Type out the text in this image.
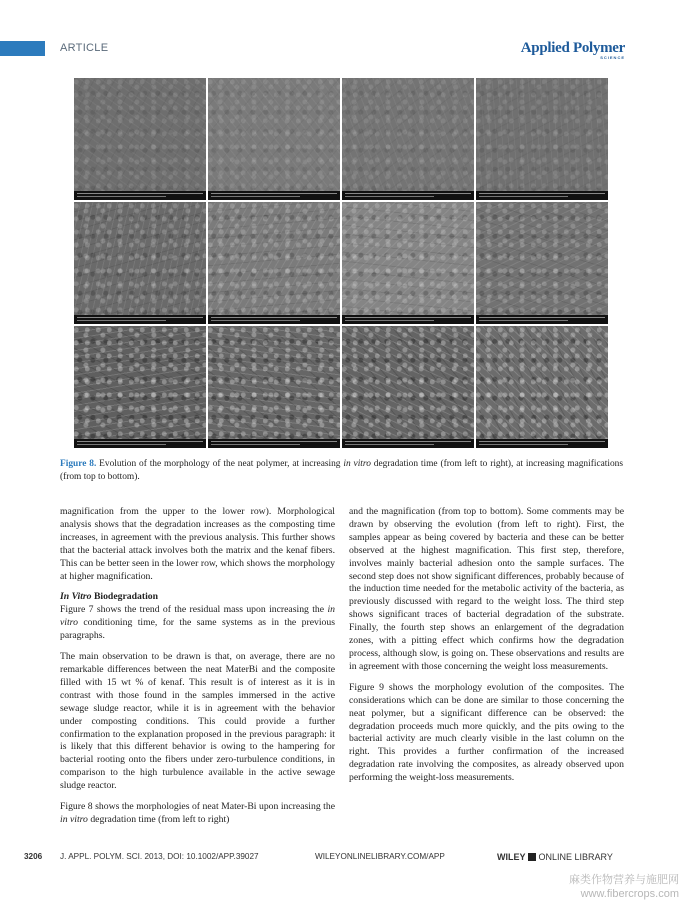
ARTICLE	Applied Polymer
SCIENCE
Figure 8. Evolution of the morphology of the neat polymer, at increasing in vitro degradation time (from left to right), at increasing magnifications (from top to bottom).

magnification from the upper to the lower row). Morphological analysis shows that the degradation increases as the composting time increases, in agreement with the previous analysis. This further shows that the bacterial attack involves both the matrix and the kenaf fibers. This can be better seen in the lower row, which shows the morphology at higher magnification.

In Vitro Biodegradation

Figure 7 shows the trend of the residual mass upon increasing the in vitro conditioning time, for the same systems as in the previous paragraphs.

The main observation to be drawn is that, on average, there are no remarkable differences between the neat MaterBi and the composite filled with 15 wt % of kenaf. This result is of interest as it is in contrast with those found in the samples immersed in the active sewage sludge reactor, while it is in agreement with the behavior under composting conditions. This could provide a further confirmation to the explanation proposed in the previous paragraph: it is likely that this different behavior is owing to the hampering for bacterial rooting onto the fibers under zero-turbulence conditions, in comparison to the high turbulence available in the active sewage sludge reactor.

Figure 8 shows the morphologies of neat Mater-Bi upon increasing the in vitro degradation time (from left to right)

and the magnification (from top to bottom). Some comments may be drawn by observing the evolution (from left to right). First, the samples appear as being covered by bacteria and these can be better observed at the highest magnification. This first step, therefore, involves mainly bacterial adhesion onto the sample surfaces. The second step does not show significant differences, probably because of the induction time needed for the metabolic activity of the bacteria, as previously discussed with regard to the weight loss. The third step shows significant traces of bacterial degradation of the substrate. Finally, the fourth step shows an enlargement of the degradation zones, with a pitting effect which confirms how the degradation process, although slow, is going on. These observations and results are in agreement with those concerning the weight loss measurements.

Figure 9 shows the morphology evolution of the composites. The considerations which can be done are similar to those concerning the neat polymer, but a significant difference can be observed: the degradation proceeds much more quickly, and the pits owing to the bacterial activity are much clearly visible in the last column on the right. This provides a further confirmation of the increased degradation rate involving the composites, as already observed upon performing the weight-loss measurements.

3206 J. APPL. POLYM. SCI. 2013, DOI: 10.1002/APP.39027	WILEYONLINELIBRARY.COM/APP	WILEY  ONLINE LIBRARY
麻类作物营养与施肥网
www.fibercrops.com
